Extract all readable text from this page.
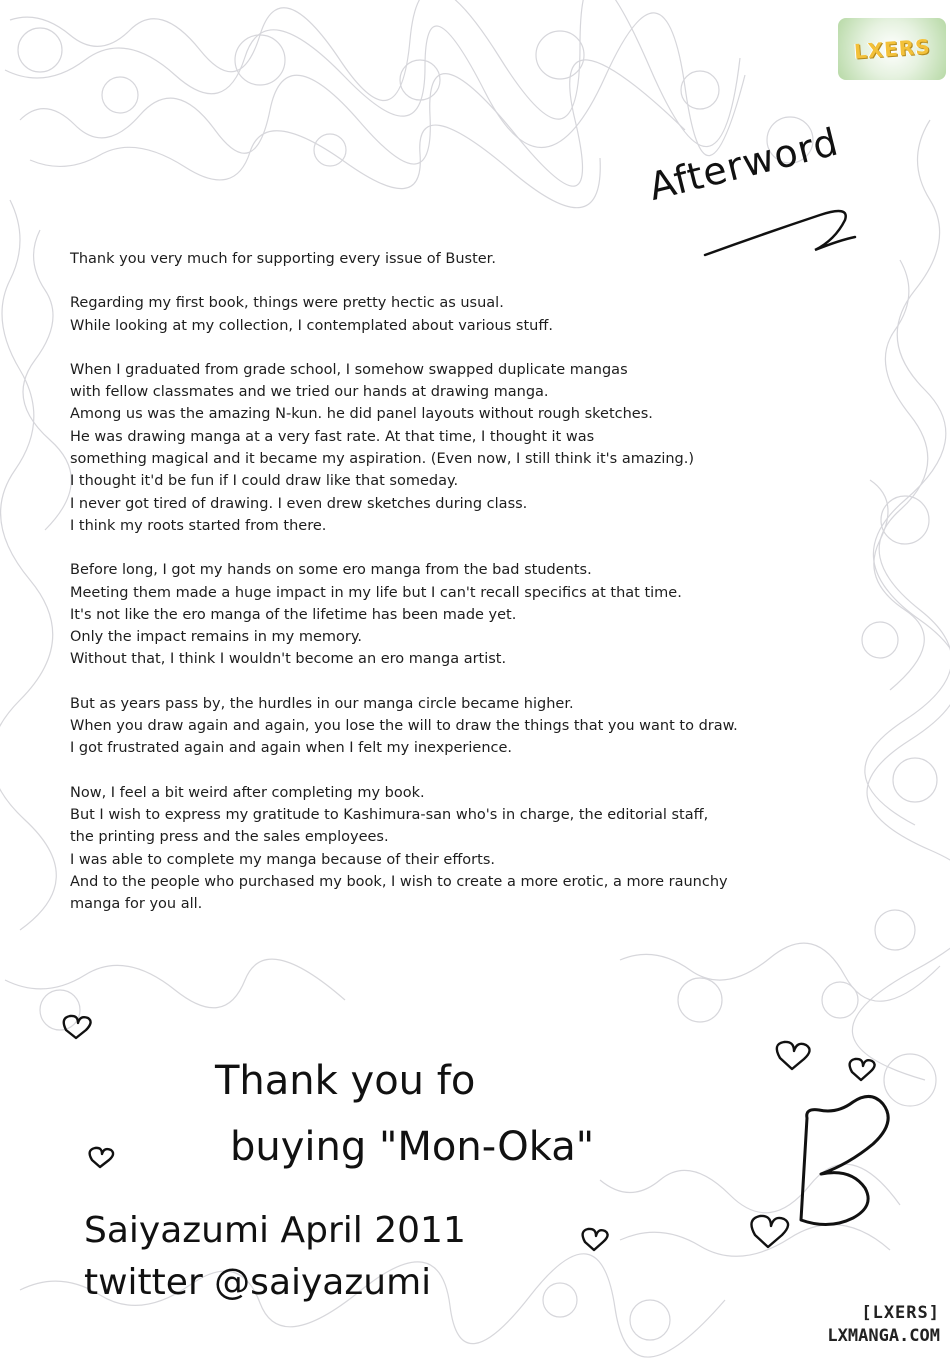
LXERS
Afterword

Thank you very much for supporting every issue of Buster.

Regarding my first book, things were pretty hectic as usual.
While looking at my collection, I contemplated about various stuff.

When I graduated from grade school, I somehow swapped duplicate mangas
with fellow classmates and we tried our hands at drawing manga.
Among us was the amazing N-kun. he did panel layouts without rough sketches.
He was drawing manga at a very fast rate. At that time, I thought it was
something magical and it became my aspiration. (Even now, I still think it's amazing.)
I thought it'd be fun if I could draw like that someday.
I never got tired of drawing. I even drew sketches during class.
I think my roots started from there.

Before long, I got my hands on some ero manga from the bad students.
Meeting them made a huge impact in my life but I can't recall specifics at that time.
It's not like the ero manga of the lifetime has been made yet.
Only the impact remains in my memory.
Without that, I think I wouldn't become an ero manga artist.

But as years pass by, the hurdles in our manga circle became higher.
When you draw again and again, you lose the will to draw the things that you want to draw.
I got frustrated again and again when I felt my inexperience.

Now, I feel a bit weird after completing my book.
But I wish to express my gratitude to Kashimura-san who's in charge, the editorial staff,
the printing press and the sales employees.
I was able to complete my manga because of their efforts.
And to the people who purchased my book, I wish to create a more erotic, a more raunchy
manga for you all.

Thank you fo
buying "Mon-Oka"
Saiyazumi April 2011
twitter @saiyazumi
[LXERS]
LXMANGA.COM
